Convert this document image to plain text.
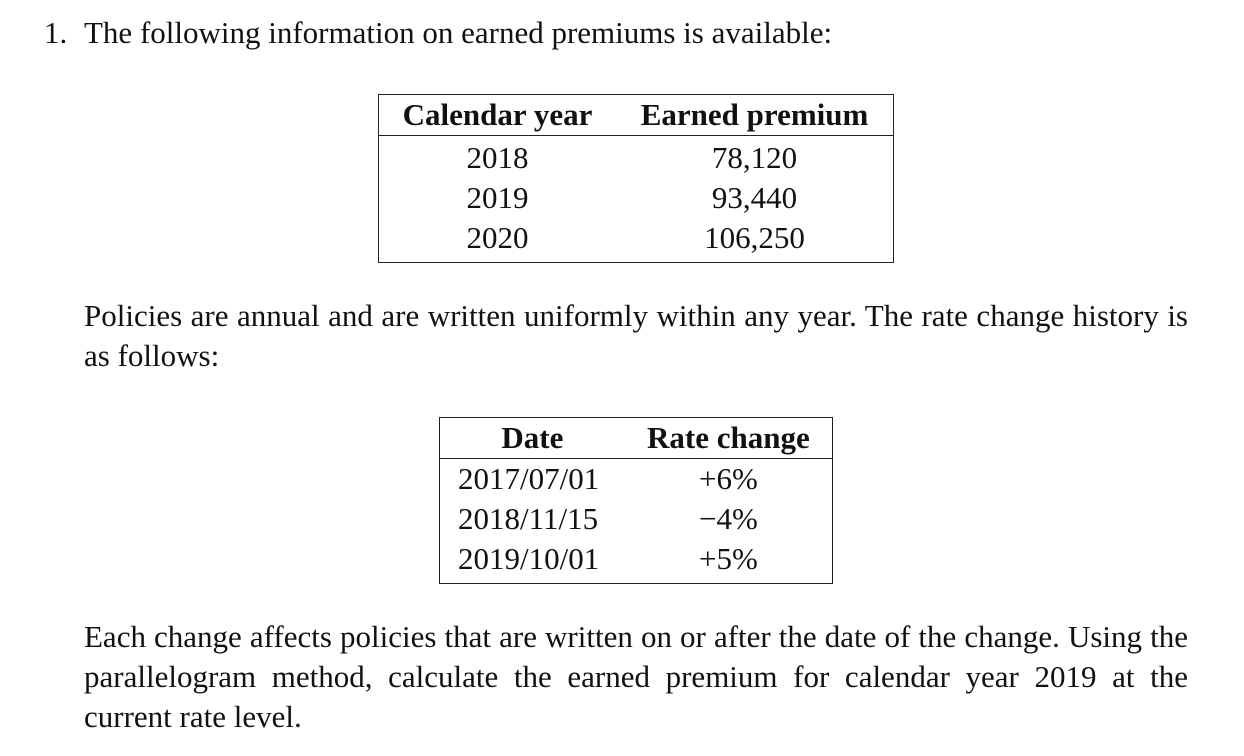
1. The following information on earned premiums is available:
Calendar year	Earned premium
2018	78,120
2019	93,440
2020	106,250
Policies are annual and are written uniformly within any year. The rate change history is as follows:
Date	Rate change
2017/07/01	+6%
2018/11/15	−4%
2019/10/01	+5%
Each change affects policies that are written on or after the date of the change. Using the parallelogram method, calculate the earned premium for calendar year 2019 at the current rate level.
